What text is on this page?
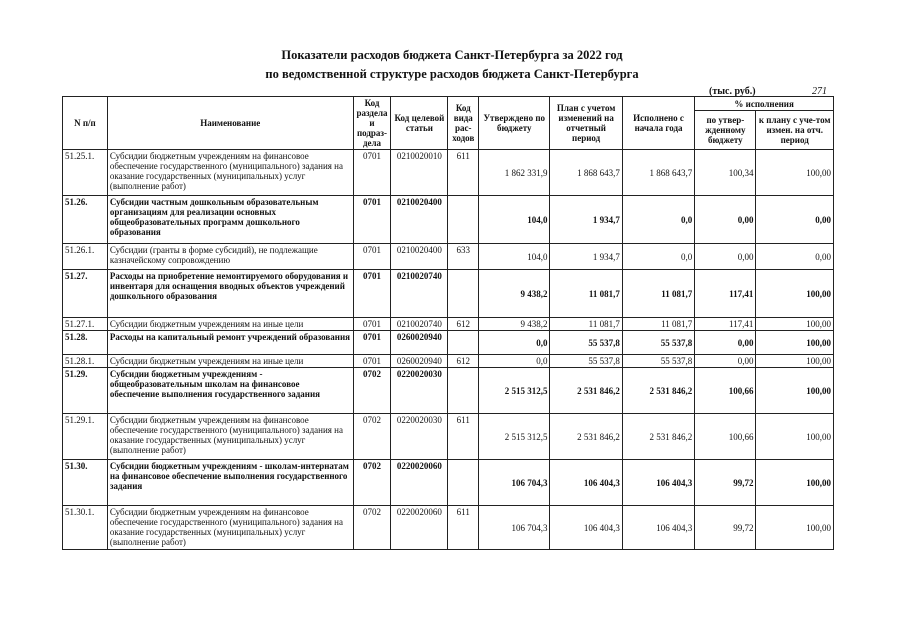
Показатели расходов бюджета Санкт-Петербурга за 2022 год
по ведомственной структуре расходов бюджета Санкт-Петербурга
(тыс. руб.)	271
N п/п	Наименование	Код раздела и подраз-дела	Код целевой статьи	Код вида рас-ходов	Утверждено по бюджету	План с учетом изменений на отчетный период	Исполнено с начала года	% исполнения	
								по утвер-жденному бюджету	к плану с уче-том измен. на отч. период
51.25.1.	Субсидии бюджетным учреждениям на финансовое обеспечение государственного (муниципального) задания на оказание государственных (муниципальных) услуг (выполнение работ)	0701	0210020010	611	1 862 331,9	1 868 643,7	1 868 643,7	100,34	100,00
51.26.	Субсидии частным дошкольным образовательным организациям для реализации основных общеобразовательных программ дошкольного образования	0701	0210020400		104,0	1 934,7	0,0	0,00	0,00
51.26.1.	Субсидии (гранты в форме субсидий), не подлежащие казначейскому сопровождению	0701	0210020400	633	104,0	1 934,7	0,0	0,00	0,00
51.27.	Расходы на приобретение немонтируемого оборудования и инвентаря для оснащения вводных объектов учреждений дошкольного образования	0701	0210020740		9 438,2	11 081,7	11 081,7	117,41	100,00
51.27.1.	Субсидии бюджетным учреждениям на иные цели	0701	0210020740	612	9 438,2	11 081,7	11 081,7	117,41	100,00
51.28.	Расходы на капитальный ремонт учреждений образования	0701	0260020940		0,0	55 537,8	55 537,8	0,00	100,00
51.28.1.	Субсидии бюджетным учреждениям на иные цели	0701	0260020940	612	0,0	55 537,8	55 537,8	0,00	100,00
51.29.	Субсидии бюджетным учреждениям - общеобразовательным школам на финансовое обеспечение выполнения государственного задания	0702	0220020030		2 515 312,5	2 531 846,2	2 531 846,2	100,66	100,00
51.29.1.	Субсидии бюджетным учреждениям на финансовое обеспечение государственного (муниципального) задания на оказание государственных (муниципальных) услуг (выполнение работ)	0702	0220020030	611	2 515 312,5	2 531 846,2	2 531 846,2	100,66	100,00
51.30.	Субсидии бюджетным учреждениям - школам-интернатам на финансовое обеспечение выполнения государственного задания	0702	0220020060		106 704,3	106 404,3	106 404,3	99,72	100,00
51.30.1.	Субсидии бюджетным учреждениям на финансовое обеспечение государственного (муниципального) задания на оказание государственных (муниципальных) услуг (выполнение работ)	0702	0220020060	611	106 704,3	106 404,3	106 404,3	99,72	100,00
